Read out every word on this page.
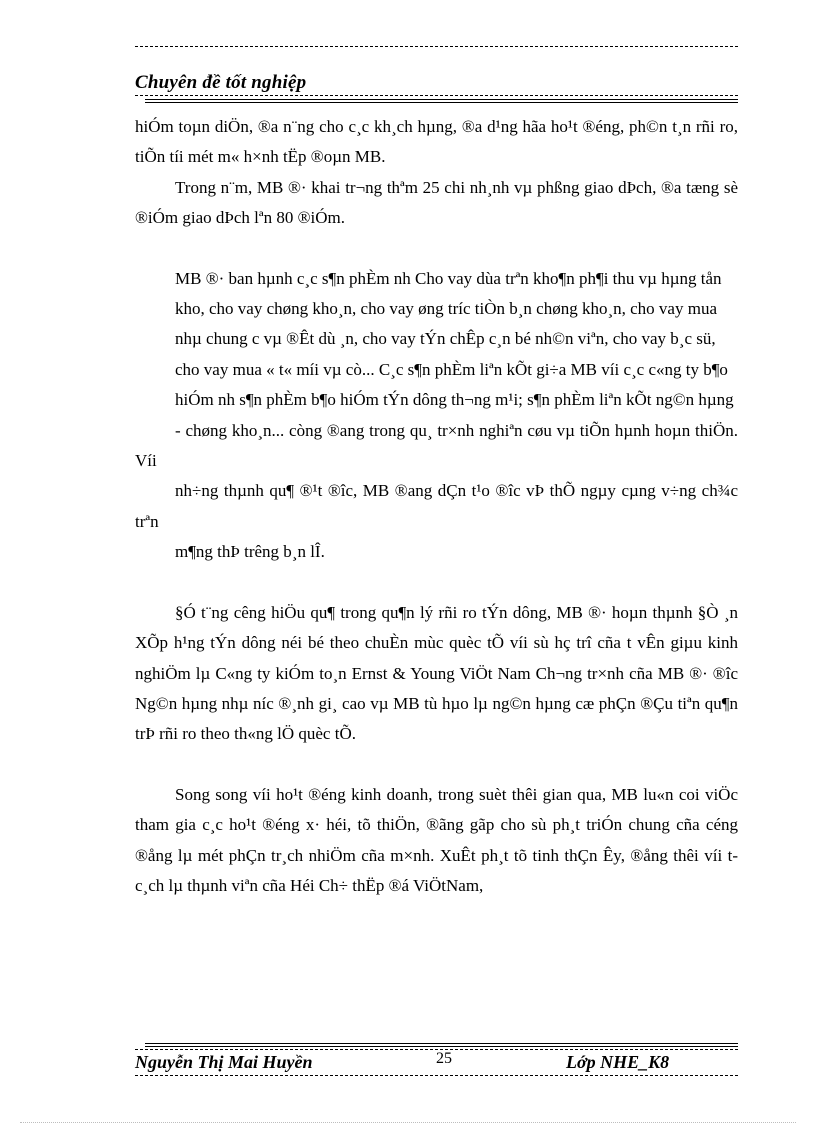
Chuyên đề tốt nghiệp

hiÓm toµn diÖn, ®a n¨ng cho c¸c kh¸ch hµng, ®a d¹ng hãa ho¹t ®éng, ph©n t¸n rñi ro, tiÕn tíi mét m« h×nh tËp ®oµn MB.

Trong n¨m, MB ®· khai tr¬ng thªm 25 chi nh¸nh vµ phßng giao dÞch, ®a tæng sè ®iÓm giao dÞch lªn 80 ®iÓm.

MB ®· ban hµnh c¸c s¶n phÈm nh Cho vay dùa trªn kho¶n ph¶i thu vµ hµng tån

kho, cho vay chøng kho¸n, cho vay øng tríc tiÒn b¸n chøng kho¸n, cho vay mua

nhµ chung c vµ ®Êt dù ¸n, cho vay tÝn chÊp c¸n bé nh©n viªn, cho vay b¸c sü,

cho vay mua « t« míi vµ cò... C¸c s¶n phÈm liªn kÕt gi÷a MB víi c¸c c«ng ty b¶o

hiÓm nh s¶n phÈm b¶o hiÓm tÝn dông th¬ng m¹i; s¶n phÈm liªn kÕt ng©n hµng

- chøng kho¸n... còng ®ang trong qu¸ tr×nh nghiªn cøu vµ tiÕn hµnh hoµn thiÖn. Víi

nh÷ng thµnh qu¶ ®¹t ®îc, MB ®ang dÇn t¹o ®îc vÞ thÕ ngµy cµng v÷ng ch¾c trªn

m¶ng thÞ trêng b¸n lÎ.

§Ó t¨ng cêng hiÖu qu¶ trong qu¶n lý rñi ro tÝn dông, MB ®· hoµn thµnh §Ò ¸n XÕp h¹ng tÝn dông néi bé theo chuÈn mùc quèc tÕ víi sù hç trî cña t vÊn giµu kinh nghiÖm lµ C«ng ty kiÓm to¸n Ernst & Young ViÖt Nam Ch¬ng tr×nh cña MB ®· ®îc Ng©n hµng nhµ níc ®¸nh gi¸ cao vµ MB tù hµo lµ ng©n hµng cæ phÇn ®Çu tiªn qu¶n trÞ rñi ro theo th«ng lÖ quèc tÕ.

Song song víi ho¹t ®éng kinh doanh, trong suèt thêi gian qua, MB lu«n coi viÖc tham gia c¸c ho¹t ®éng x· héi, tõ thiÖn, ®ãng gãp cho sù ph¸t triÓn chung cña céng ®ång lµ mét phÇn tr¸ch nhiÖm cña m×nh. XuÊt ph¸t tõ tinh thÇn Êy, ®ång thêi víi t c¸ch lµ thµnh viªn cña Héi Ch÷ thËp ®á ViÖtNam,

Nguyễn Thị Mai Huyền	25	Lớp NHE_K8
